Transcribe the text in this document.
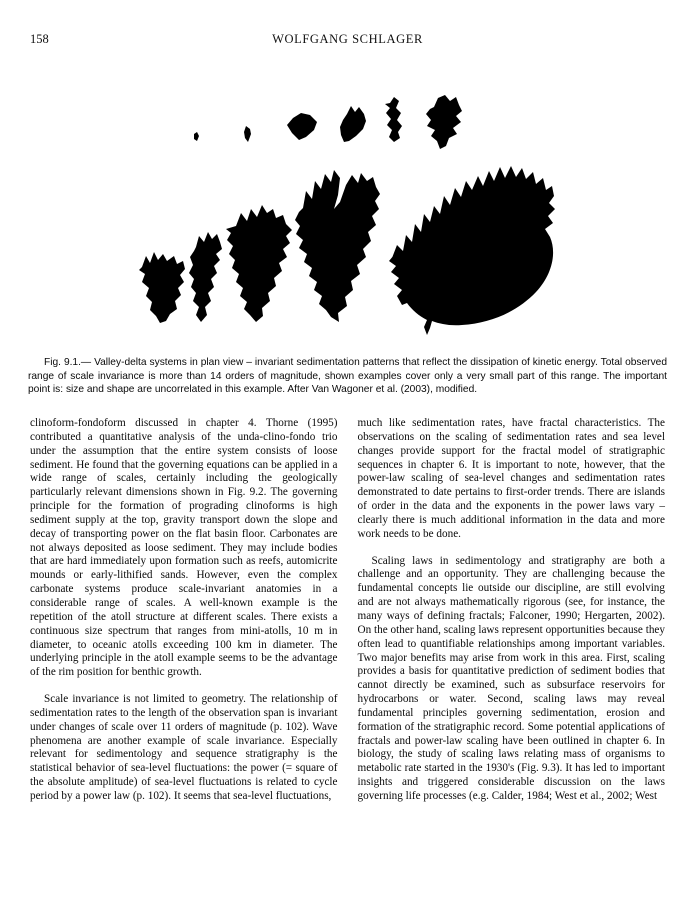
158	WOLFGANG SCHLAGER
Fig. 9.1.— Valley-delta systems in plan view – invariant sedimentation patterns that reflect the dissipation of kinetic energy. Total observed range of scale invariance is more than 14 orders of magnitude, shown examples cover only a very small part of this range. The important point is: size and shape are uncorrelated in this example. After Van Wagoner et al. (2003), modified.

clinoform-fondoform discussed in chapter 4. Thorne (1995) contributed a quantitative analysis of the unda-clino-fondo trio under the assumption that the entire system consists of loose sediment. He found that the governing equations can be applied in a wide range of scales, certainly including the geologically particularly relevant dimensions shown in Fig. 9.2. The governing principle for the formation of prograding clinoforms is high sediment supply at the top, gravity transport down the slope and decay of transporting power on the flat basin floor. Carbonates are not always deposited as loose sediment. They may include bodies that are hard immediately upon formation such as reefs, automicrite mounds or early-lithified sands. However, even the complex carbonate systems produce scale-invariant anatomies in a considerable range of scales. A well-known example is the repetition of the atoll structure at different scales. There exists a continuous size spectrum that ranges from mini-atolls, 10 m in diameter, to oceanic atolls exceeding 100 km in diameter. The underlying principle in the atoll example seems to be the advantage of the rim position for benthic growth.

Scale invariance is not limited to geometry. The relationship of sedimentation rates to the length of the observation span is invariant under changes of scale over 11 orders of magnitude (p. 102). Wave phenomena are another example of scale invariance. Especially relevant for sedimentology and sequence stratigraphy is the statistical behavior of sea-level fluctuations: the power (= square of the absolute amplitude) of sea-level fluctuations is related to cycle period by a power law (p. 102). It seems that sea-level fluctuations,

much like sedimentation rates, have fractal characteristics. The observations on the scaling of sedimentation rates and sea level changes provide support for the fractal model of stratigraphic sequences in chapter 6. It is important to note, however, that the power-law scaling of sea-level changes and sedimentation rates demonstrated to date pertains to first-order trends. There are islands of order in the data and the exponents in the power laws vary – clearly there is much additional information in the data and more work needs to be done.

Scaling laws in sedimentology and stratigraphy are both a challenge and an opportunity. They are challenging because the fundamental concepts lie outside our discipline, are still evolving and are not always mathematically rigorous (see, for instance, the many ways of defining fractals; Falconer, 1990; Hergarten, 2002). On the other hand, scaling laws represent opportunities because they often lead to quantifiable relationships among important variables. Two major benefits may arise from work in this area. First, scaling provides a basis for quantitative prediction of sediment bodies that cannot directly be examined, such as subsurface reservoirs for hydrocarbons or water. Second, scaling laws may reveal fundamental principles governing sedimentation, erosion and formation of the stratigraphic record. Some potential applications of fractals and power-law scaling have been outlined in chapter 6. In biology, the study of scaling laws relating mass of organisms to metabolic rate started in the 1930's (Fig. 9.3). It has led to important insights and triggered considerable discussion on the laws governing life processes (e.g. Calder, 1984; West et al., 2002; West
